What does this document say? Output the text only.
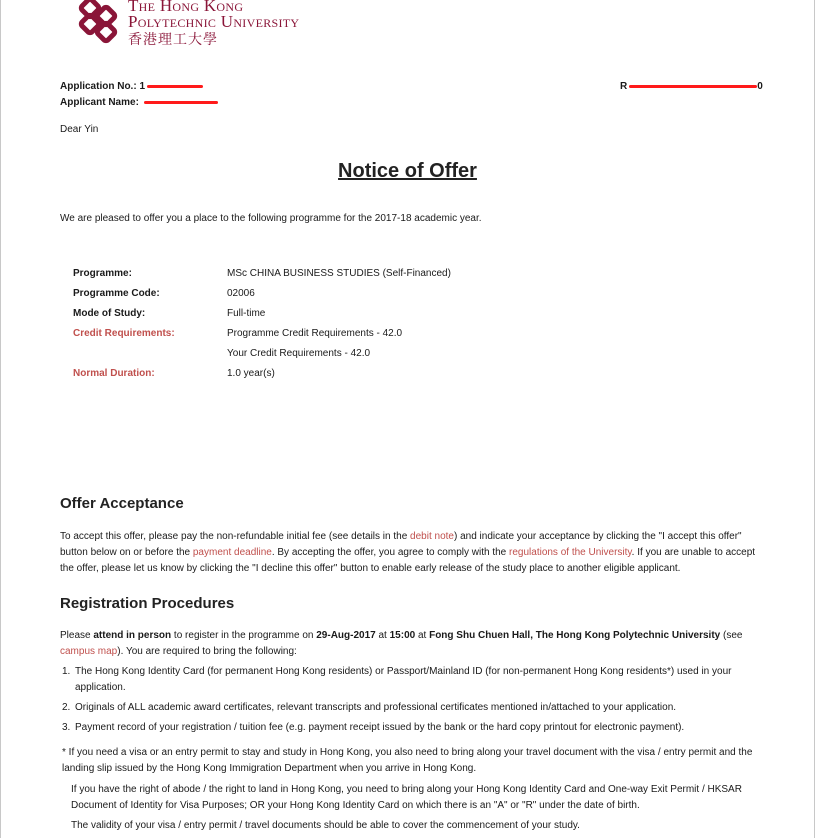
The Hong Kong
Polytechnic University
香港理工大學
Application No.: 1
Applicant Name:
R	0
Dear Yin
Notice of Offer
We are pleased to offer you a place to the following programme for the 2017-18 academic year.
Programme:	MSc CHINA BUSINESS STUDIES (Self-Financed)
Programme Code:	02006
Mode of Study:	Full-time
Credit Requirements:	Programme Credit Requirements - 42.0
Your Credit Requirements - 42.0
Normal Duration:	1.0 year(s)
Offer Acceptance
To accept this offer, please pay the non-refundable initial fee (see details in the debit note) and indicate your acceptance by clicking the "I accept this offer" button below on or before the payment deadline. By accepting the offer, you agree to comply with the regulations of the University. If you are unable to accept the offer, please let us know by clicking the "I decline this offer" button to enable early release of the study place to another eligible applicant.
Registration Procedures
Please attend in person to register in the programme on 29-Aug-2017 at 15:00 at Fong Shu Chuen Hall, The Hong Kong Polytechnic University (see campus map). You are required to bring the following:
1. The Hong Kong Identity Card (for permanent Hong Kong residents) or Passport/Mainland ID (for non-permanent Hong Kong residents*) used in your application.
2. Originals of ALL academic award certificates, relevant transcripts and professional certificates mentioned in/attached to your application.
3. Payment record of your registration / tuition fee (e.g. payment receipt issued by the bank or the hard copy printout for electronic payment).
* If you need a visa or an entry permit to stay and study in Hong Kong, you also need to bring along your travel document with the visa / entry permit and the landing slip issued by the Hong Kong Immigration Department when you arrive in Hong Kong.
If you have the right of abode / the right to land in Hong Kong, you need to bring along your Hong Kong Identity Card and One-way Exit Permit / HKSAR Document of Identity for Visa Purposes; OR your Hong Kong Identity Card on which there is an "A" or "R" under the date of birth.
The validity of your visa / entry permit / travel documents should be able to cover the commencement of your study.
